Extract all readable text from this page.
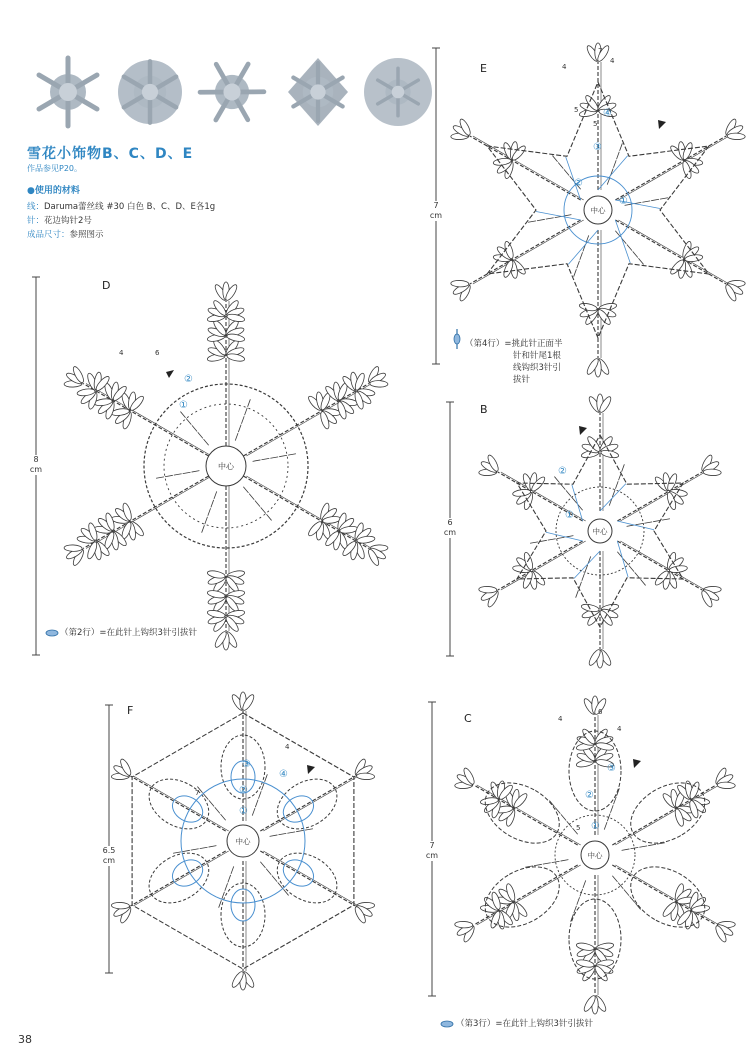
雪花小饰物B、C、D、E
作品参见P20。
●使用的材料
线：Daruma蕾丝线 #30 白色 B、C、D、E各1g
针：花边钩针2号
成品尺寸：参照图示
D
8
cm	中心
②
①
4	6
（第2行）=在此针上钩织3针引拔针
E
7
cm
中心
①
②
③
④
7
4
4
5
5
（第4行）=挑此针正面半
针和针尾1根
线钩织3针引
拔针
B
6
cm	中心
①
②
F
6.5
cm
中心
①
②
③
④
4
7
C
7
cm	中心
①
②
③
4
6
4
5
（第3行）=在此针上钩织3针引拔针
38
